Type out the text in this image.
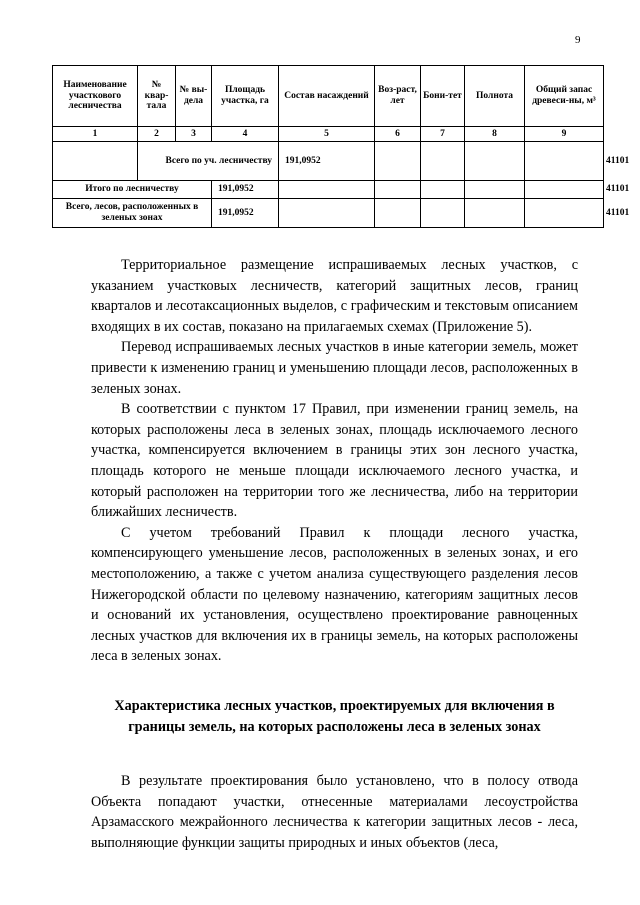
9
Наименование участкового лесничества	№ квар-тала	№ вы-дела	Площадь участка, га	Состав насаждений	Воз-раст, лет	Бони-тет	Полнота	Общий запас древеси-ны, м³	
1	2	3	4	5	6	7	8	9	
	Всего по уч. лесничеству			191,0952					41101
Итого по лесничеству			191,0952						41101
Всего, лесов, расположенных в зеленых зонах			191,0952						41101

Территориальное размещение испрашиваемых лесных участков, с указанием участковых лесничеств, категорий защитных лесов, границ кварталов и лесотаксационных выделов, с графическим и текстовым описанием входящих в их состав, показано на прилагаемых схемах (Приложение 5).

Перевод испрашиваемых лесных участков в иные категории земель, может привести к изменению границ и уменьшению площади лесов, расположенных в зеленых зонах.

В соответствии с пунктом 17 Правил, при изменении границ земель, на которых расположены леса в зеленых зонах, площадь исключаемого лесного участка, компенсируется включением в границы этих зон лесного участка, площадь которого не меньше площади исключаемого лесного участка, и который расположен на территории того же лесничества, либо на территории ближайших лесничеств.

С учетом требований Правил к площади лесного участка, компенсирующего уменьшение лесов, расположенных в зеленых зонах, и его местоположению, а также с учетом анализа существующего разделения лесов Нижегородской области по целевому назначению, категориям защитных лесов и оснований их установления, осуществлено проектирование равноценных лесных участков для включения их в границы земель, на которых расположены леса в зеленых зонах.

Характеристика лесных участков, проектируемых для включения в границы земель, на которых расположены леса в зеленых зонах

В результате проектирования было установлено, что в полосу отвода Объекта попадают участки, отнесенные материалами лесоустройства Арзамасского межрайонного лесничества к категории защитных лесов - леса, выполняющие функции защиты природных и иных объектов (леса,
